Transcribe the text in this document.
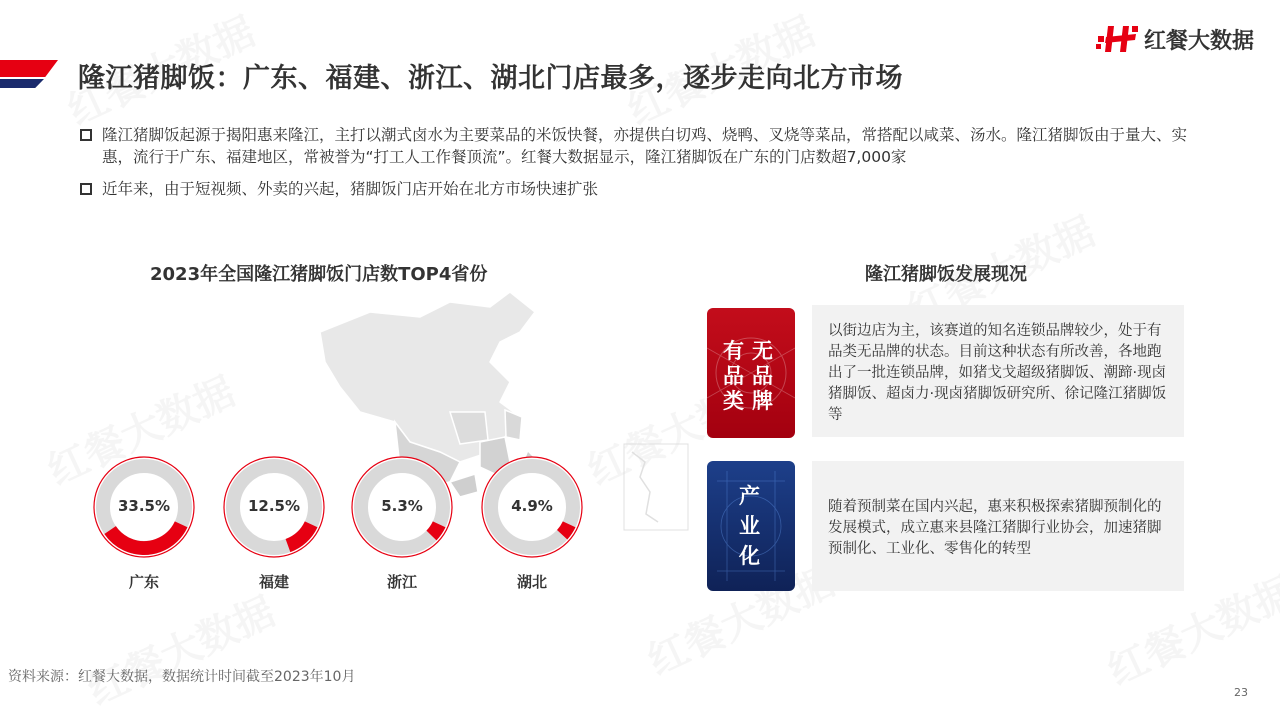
隆江猪脚饭：广东、福建、浙江、湖北门店最多，逐步走向北方市场
红餐大数据
隆江猪脚饭起源于揭阳惠来隆江，主打以潮式卤水为主要菜品的米饭快餐，亦提供白切鸡、烧鸭、叉烧等菜品，常搭配以咸菜、汤水。隆江猪脚饭由于量大、实惠，流行于广东、福建地区，常被誉为“打工人工作餐顶流”。红餐大数据显示，隆江猪脚饭在广东的门店数超7,000家
近年来，由于短视频、外卖的兴起，猪脚饭门店开始在北方市场快速扩张
2023年全国隆江猪脚饭门店数TOP4省份
33.5%
广东
12.5%
福建
5.3%
浙江
4.9%
湖北
隆江猪脚饭发展现况
有
品
类
无
品
牌
以街边店为主，该赛道的知名连锁品牌较少，处于有品类无品牌的状态。目前这种状态有所改善，各地跑出了一批连锁品牌，如猪戈戈超级猪脚饭、潮蹄·现卤猪脚饭、超卤力·现卤猪脚饭研究所、徐记隆江猪脚饭等
产
业
化
随着预制菜在国内兴起，惠来积极探索猪脚预制化的发展模式，成立惠来县隆江猪脚行业协会，加速猪脚预制化、工业化、零售化的转型
资料来源：红餐大数据，数据统计时间截至2023年10月
23
